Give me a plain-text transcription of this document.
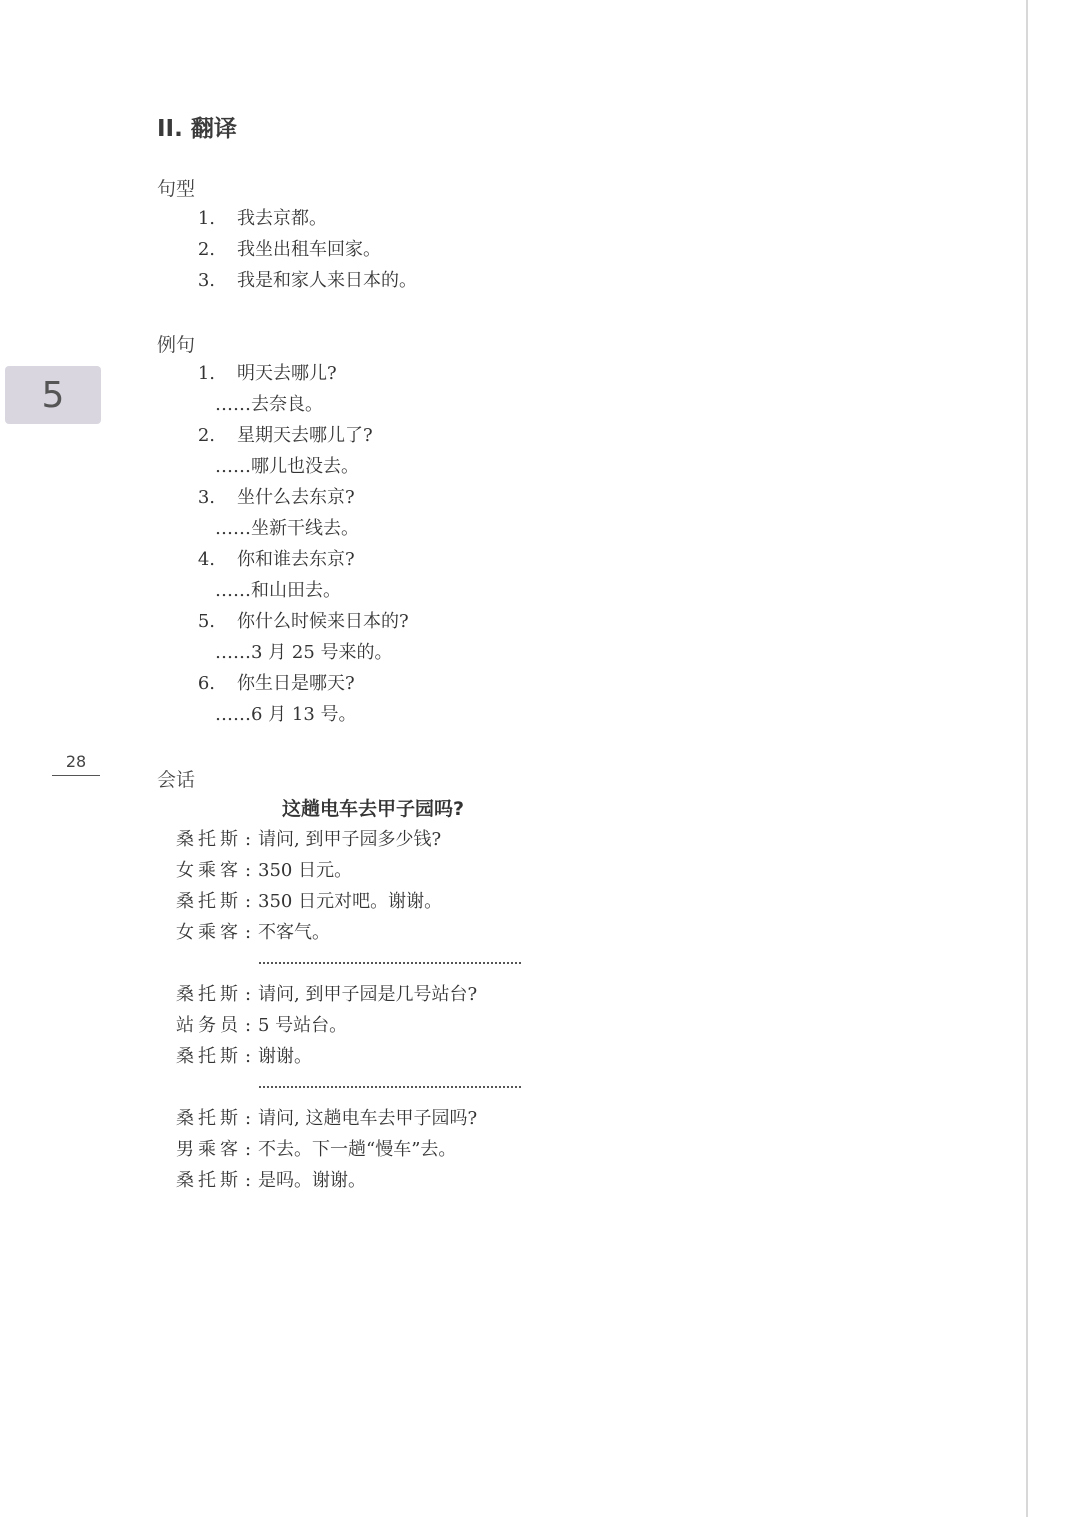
5
28
II. 翻译
句型
1.	我去京都。
2.	我坐出租车回家。
3.	我是和家人来日本的。
例句
1.	明天去哪儿?
……去奈良。
2.	星期天去哪儿了?
……哪儿也没去。
3.	坐什么去东京?
……坐新干线去。
4.	你和谁去东京?
……和山田去。
5.	你什么时候来日本的?
……3 月 25 号来的。
6.	你生日是哪天?
……6 月 13 号。
会话
这趟电车去甲子园吗?
桑托斯 : 请问, 到甲子园多少钱?
女乘客 : 350 日元。
桑托斯 : 350 日元对吧。谢谢。
女乘客 : 不客气。
桑托斯 : 请问, 到甲子园是几号站台?
站务员 : 5 号站台。
桑托斯 : 谢谢。
桑托斯 : 请问, 这趟电车去甲子园吗?
男乘客 : 不去。下一趟“慢车”去。
桑托斯 : 是吗。谢谢。
